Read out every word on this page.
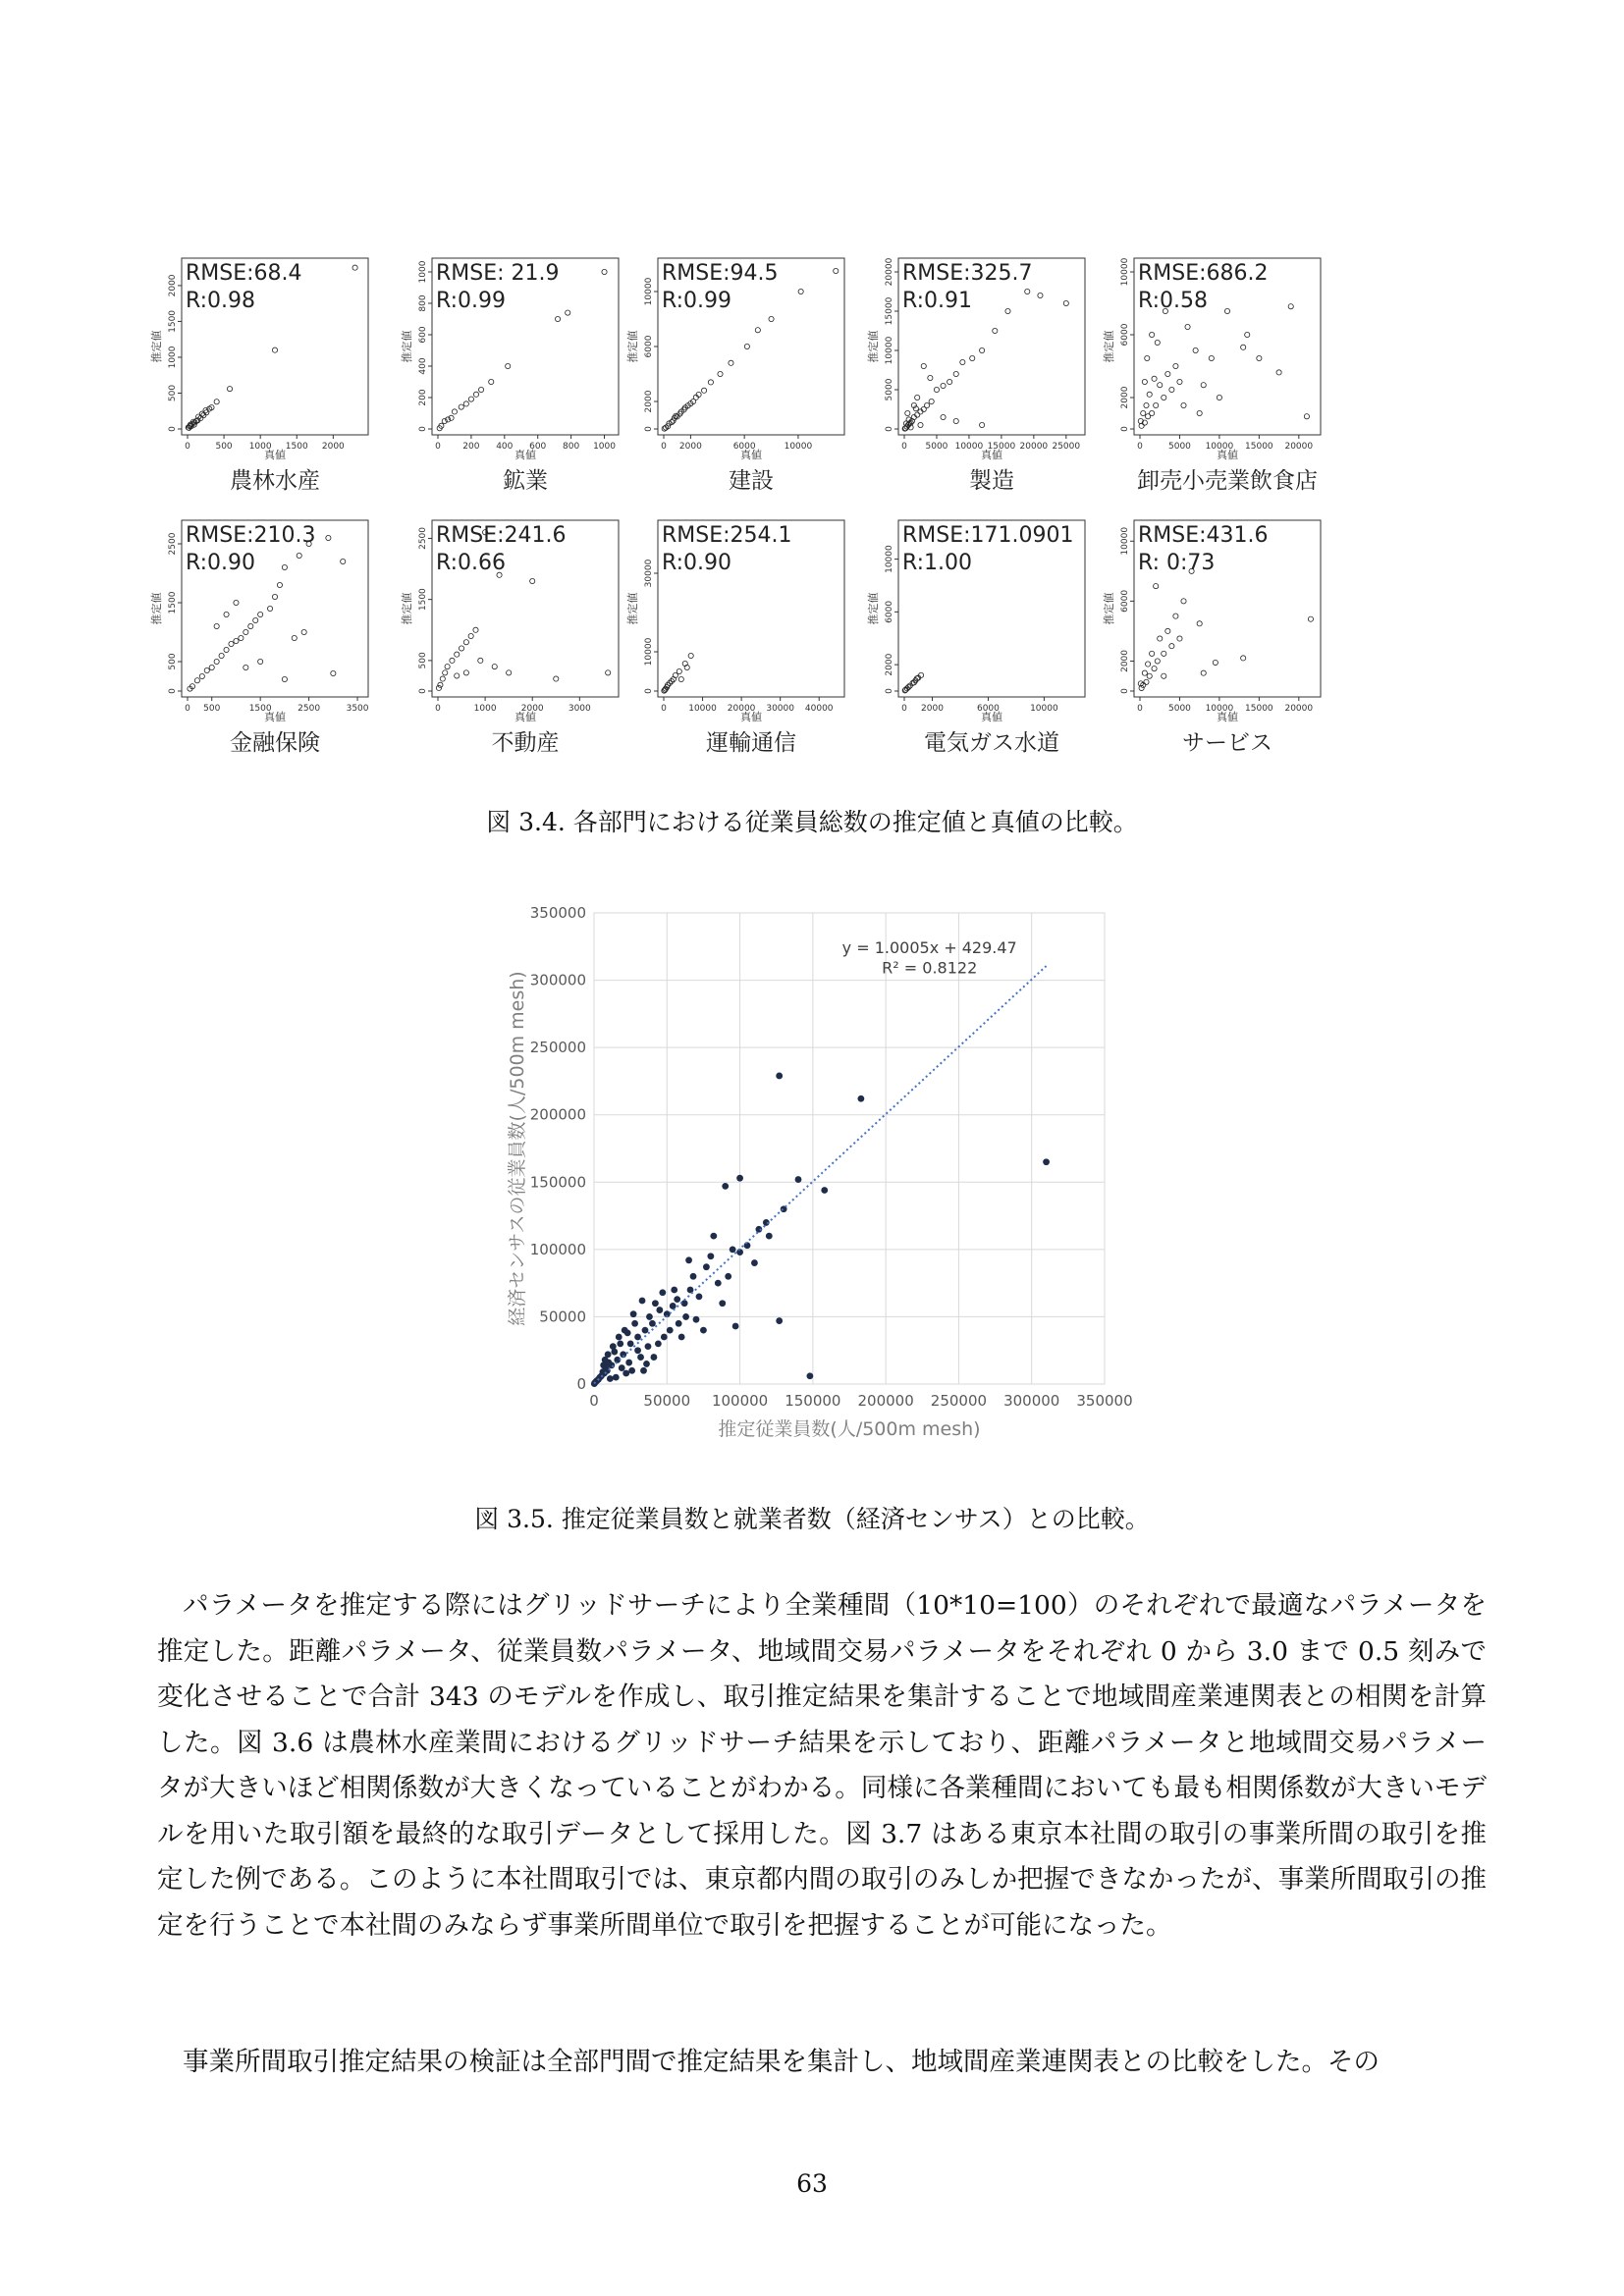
0	500 1000 1500 2000
0
500
1000
1500
2000
真値
推定値
RMSE:68.4
R:0.98
農林水産
0 200 400 600 800 1000
0
200
400
600
800
1000
真値
推定値
RMSE: 21.9
R:0.99
鉱業
0 2000	6000	10000
0
2000
6000
10000
真値
推定値
RMSE:94.5
R:0.99
建設
0 5000 10000 15000 20000 25000
0
5000
10000
15000
20000
真値
推定値
RMSE:325.7
R:0.91
製造
0	5000 10000 15000 20000
0
2000
6000
10000
真値
推定値
RMSE:686.2
R:0.58
卸売小売業飲食店
0 500	1500	2500	3500
0
500
1500
2500
真値
推定値
RMSE:210.3
R:0.90
金融保険
0	1000	2000	3000
0
500
1500
2500
真値
推定値
RMSE:241.6
R:0.66
不動産
0 10000 20000 30000 40000
0
10000
30000
真値
推定値
RMSE:254.1
R:0.90
運輸通信
0 2000	6000	10000
0
2000
6000
10000
真値
推定値
RMSE:171.0901
R:1.00
電気ガス水道
0	5000 10000 15000 20000
0
2000
6000
10000
真値
推定値
RMSE:431.6
R: 0:73
サービス
図 3.4. 各部門における従業員総数の推定値と真値の比較。
0	50000 100000 150000 200000 250000 300000 350000
0
50000
100000
150000
200000
250000
300000
350000
y = 1.0005x + 429.47
R² = 0.8122
推定従業員数(人/500m mesh)
経済センサスの従業員数(人/500m mesh)
図 3.5. 推定従業員数と就業者数（経済センサス）との比較。

パラメータを推定する際にはグリッドサーチにより全業種間（10*10=100）のそれぞれで最適なパラメータを推定した。距離パラメータ、従業員数パラメータ、地域間交易パラメータをそれぞれ 0 から 3.0 まで 0.5 刻みで変化させることで合計 343 のモデルを作成し、取引推定結果を集計することで地域間産業連関表との相関を計算した。図 3.6 は農林水産業間におけるグリッドサーチ結果を示しており、距離パラメータと地域間交易パラメータが大きいほど相関係数が大きくなっていることがわかる。同様に各業種間においても最も相関係数が大きいモデルを用いた取引額を最終的な取引データとして採用した。図 3.7 はある東京本社間の取引の事業所間の取引を推定した例である。このように本社間取引では、東京都内間の取引のみしか把握できなかったが、事業所間取引の推定を行うことで本社間のみならず事業所間単位で取引を把握することが可能になった。

事業所間取引推定結果の検証は全部門間で推定結果を集計し、地域間産業連関表との比較をした。その

63
